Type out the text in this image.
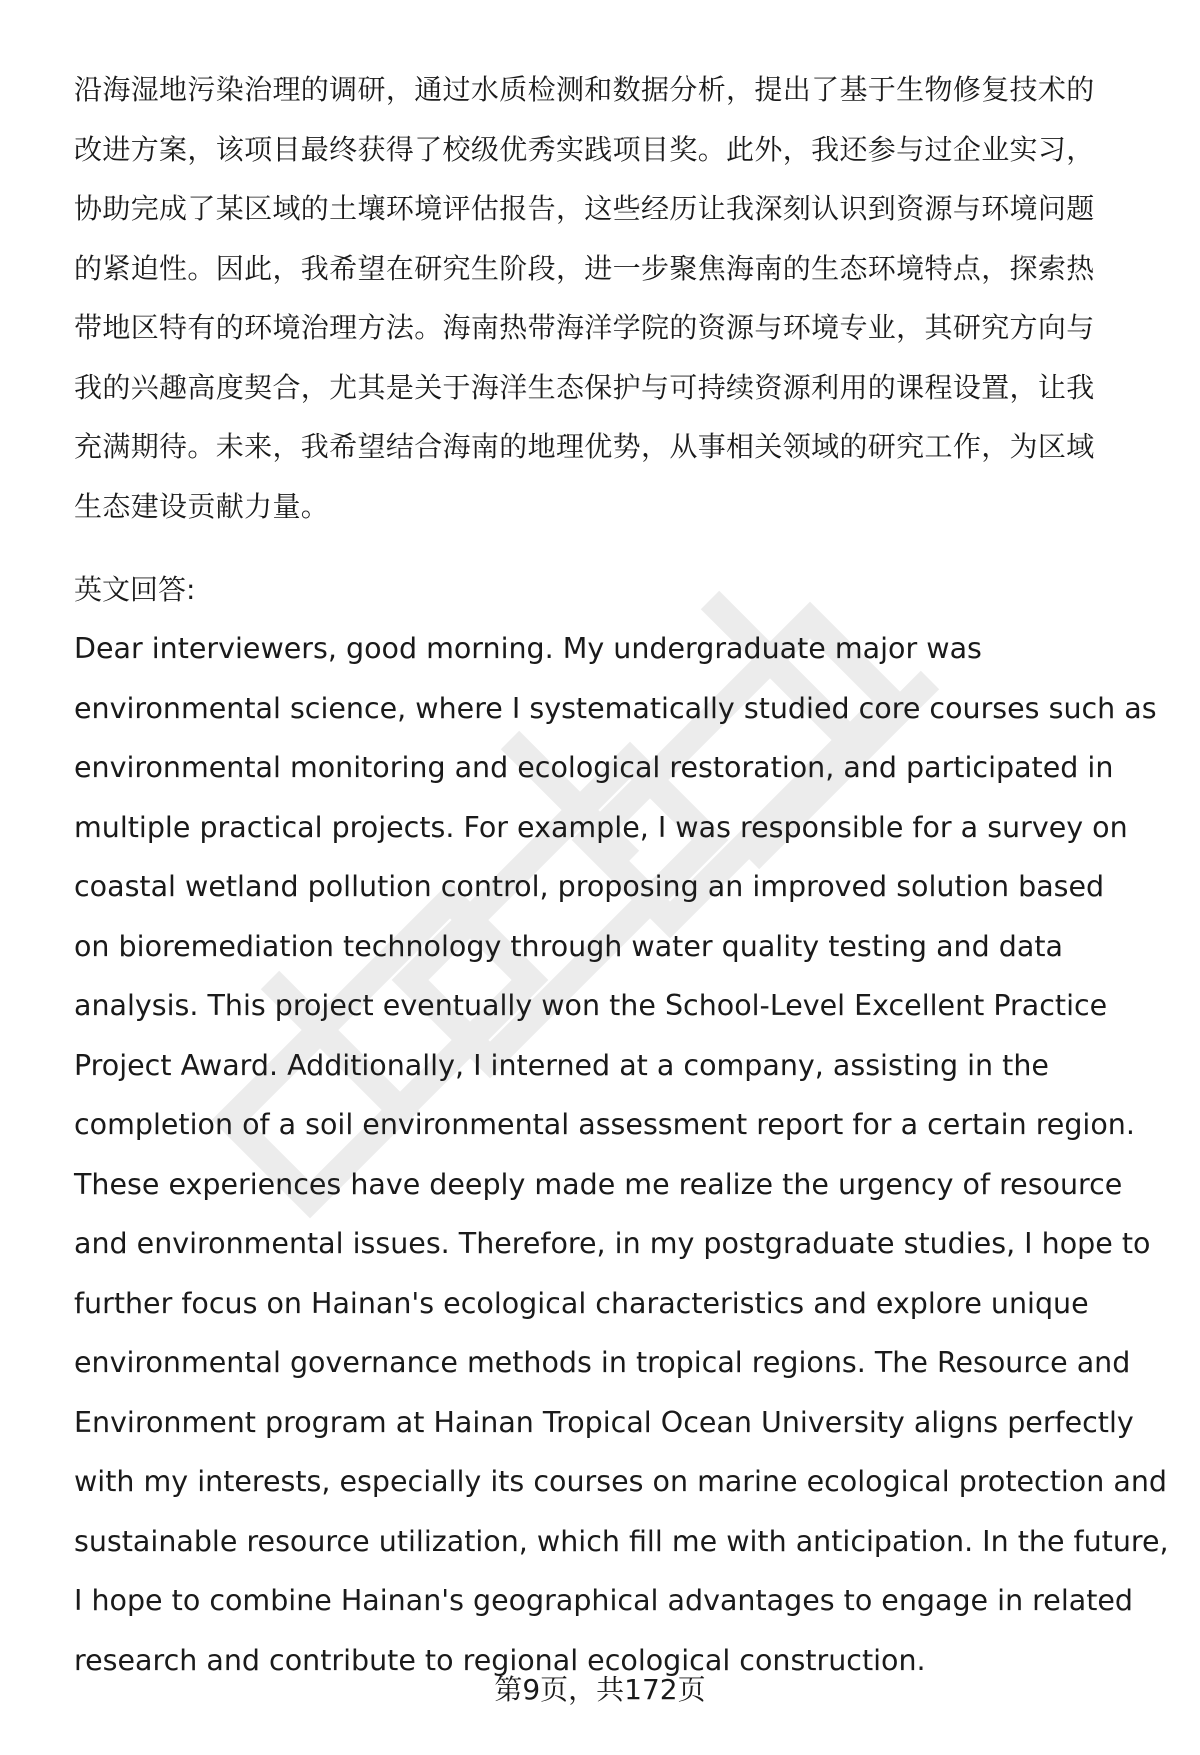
沿海湿地污染治理的调研，通过水质检测和数据分析，提出了基于生物修复技术的
改进方案，该项目最终获得了校级优秀实践项目奖。此外，我还参与过企业实习，
协助完成了某区域的土壤环境评估报告，这些经历让我深刻认识到资源与环境问题
的紧迫性。因此，我希望在研究生阶段，进一步聚焦海南的生态环境特点，探索热
带地区特有的环境治理方法。海南热带海洋学院的资源与环境专业，其研究方向与
我的兴趣高度契合，尤其是关于海洋生态保护与可持续资源利用的课程设置，让我
充满期待。未来，我希望结合海南的地理优势，从事相关领域的研究工作，为区域
生态建设贡献力量。
英文回答:
Dear interviewers, good morning. My undergraduate major was
environmental science, where I systematically studied core courses such as
environmental monitoring and ecological restoration, and participated in
multiple practical projects. For example, I was responsible for a survey on
coastal wetland pollution control, proposing an improved solution based
on bioremediation technology through water quality testing and data
analysis. This project eventually won the School-Level Excellent Practice
Project Award. Additionally, I interned at a company, assisting in the
completion of a soil environmental assessment report for a certain region.
These experiences have deeply made me realize the urgency of resource
and environmental issues. Therefore, in my postgraduate studies, I hope to
further focus on Hainan's ecological characteristics and explore unique
environmental governance methods in tropical regions. The Resource and
Environment program at Hainan Tropical Ocean University aligns perfectly
with my interests, especially its courses on marine ecological protection and
sustainable resource utilization, which fill me with anticipation. In the future,
I hope to combine Hainan's geographical advantages to engage in related
research and contribute to regional ecological construction.
第9页，共172页
